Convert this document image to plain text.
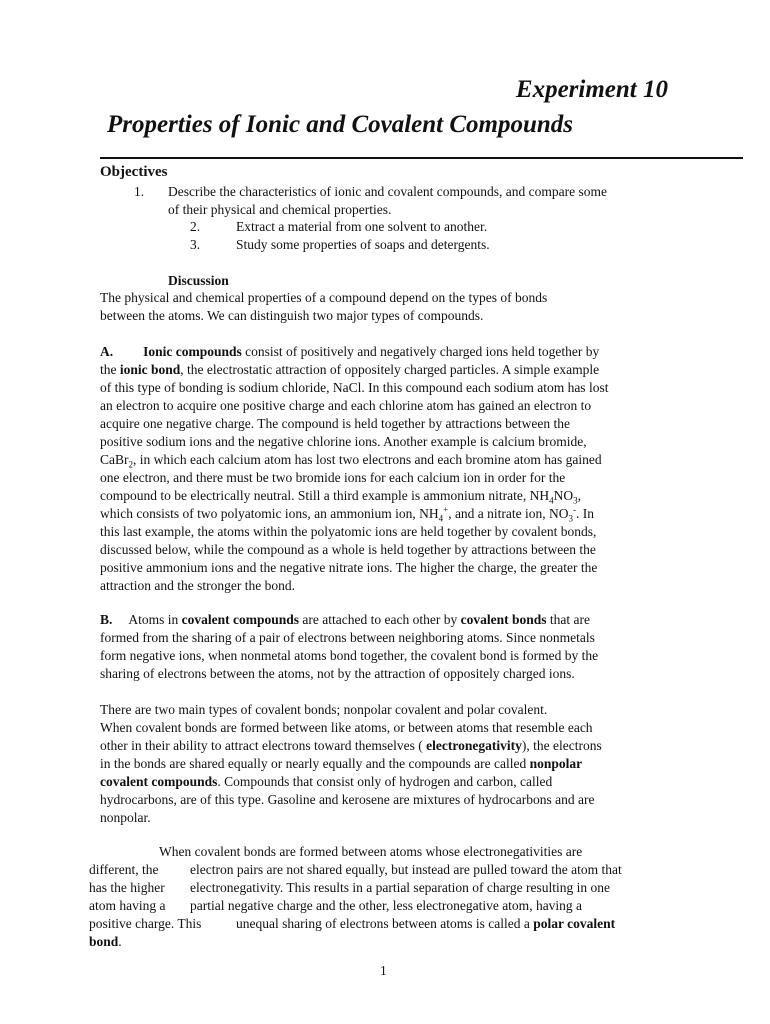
Experiment 10
Properties of Ionic and Covalent Compounds
Objectives
1. Describe the characteristics of ionic and covalent compounds, and compare some
of their physical and chemical properties.
2.	Extract a material from one solvent to another.
3.	Study some properties of soaps and detergents.
Discussion
The physical and chemical properties of a compound depend on the types of bonds
between the atoms. We can distinguish two major types of compounds.
A. Ionic compounds consist of positively and negatively charged ions held together by
the ionic bond, the electrostatic attraction of oppositely charged particles. A simple example
of this type of bonding is sodium chloride, NaCl. In this compound each sodium atom has lost
an electron to acquire one positive charge and each chlorine atom has gained an electron to
acquire one negative charge. The compound is held together by attractions between the
positive sodium ions and the negative chlorine ions. Another example is calcium bromide,
CaBr$_2$, in which each calcium atom has lost two electrons and each bromine atom has gained
one electron, and there must be two bromide ions for each calcium ion in order for the
compound to be electrically neutral. Still a third example is ammonium nitrate, $NH_4NO_3$,
which consists of two polyatomic ions, an ammonium ion, $NH_4^+$, and a nitrate ion, $NO_3^-$. In
this last example, the atoms within the polyatomic ions are held together by covalent bonds,
discussed below, while the compound as a whole is held together by attractions between the
positive ammonium ions and the negative nitrate ions. The higher the charge, the greater the
attraction and the stronger the bond.
B. Atoms in covalent compounds are attached to each other by covalent bonds that are
formed from the sharing of a pair of electrons between neighboring atoms. Since nonmetals
form negative ions, when nonmetal atoms bond together, the covalent bond is formed by the
sharing of electrons between the atoms, not by the attraction of oppositely charged ions.
There are two main types of covalent bonds; nonpolar covalent and polar covalent.
When covalent bonds are formed between like atoms, or between atoms that resemble each
other in their ability to attract electrons toward themselves ( electronegativity), the electrons
in the bonds are shared equally or nearly equally and the compounds are called nonpolar
covalent compounds. Compounds that consist only of hydrogen and carbon, called
hydrocarbons, are of this type. Gasoline and kerosene are mixtures of hydrocarbons and are
nonpolar.
When covalent bonds are formed between atoms whose electronegativities are
different, the electron pairs are not shared equally, but instead are pulled toward the atom that
has the higher electronegativity. This results in a partial separation of charge resulting in one
atom having a partial negative charge and the other, less electronegative atom, having a
positive charge. This	unequal sharing of electrons between atoms is called a polar covalent
bond.
1
